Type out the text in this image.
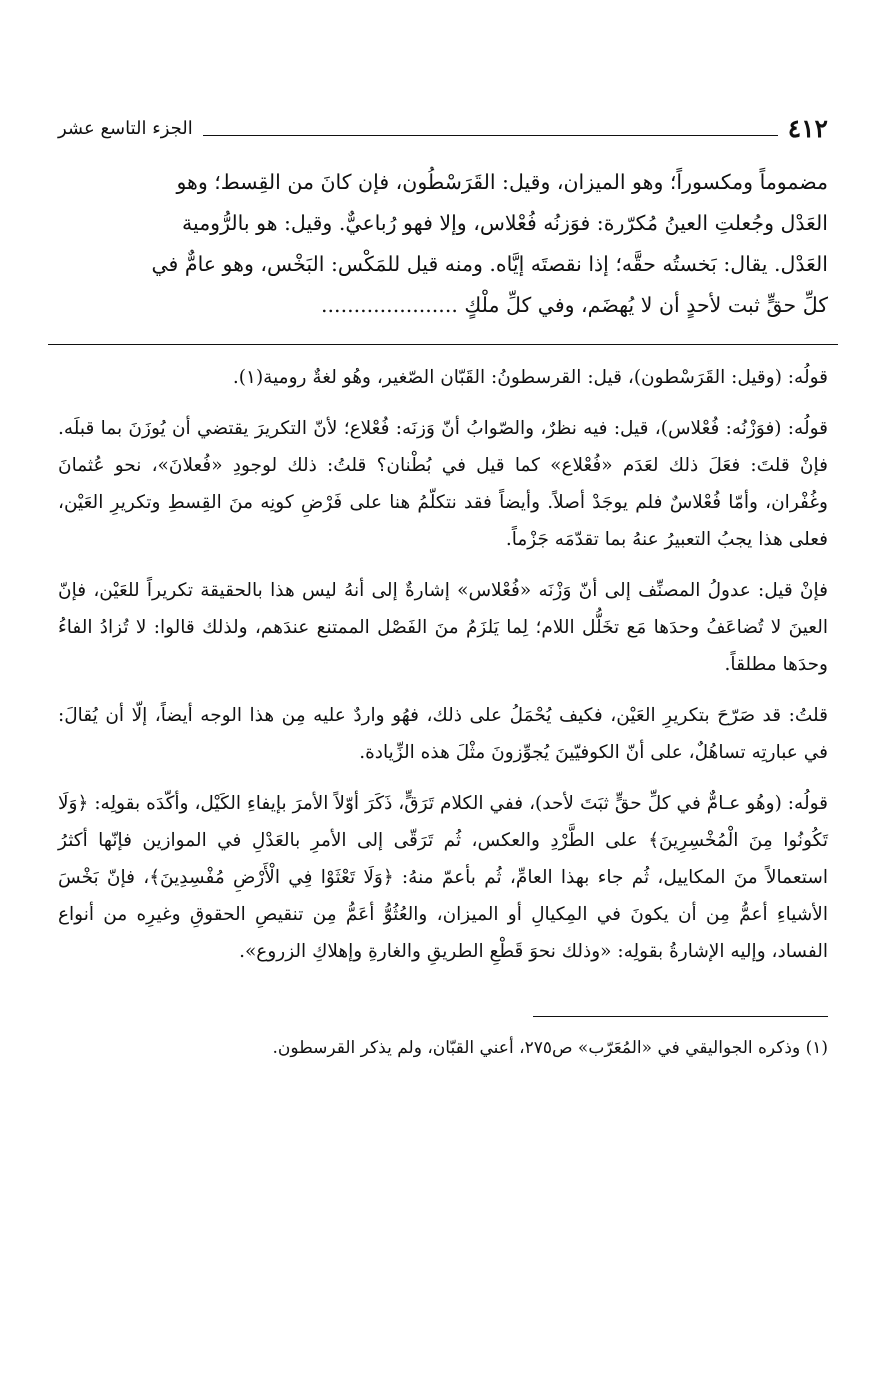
٤١٢
الجزء التاسع عشر

مضموماً ومكسوراً؛ وهو الميزان، وقيل: القَرَسْطُون، فإن كانَ من القِسط؛ وهو

العَدْل وجُعلتِ العينُ مُكرّرة: فوَزنُه فُعْلاس، وإلا فهو رُباعيٌّ. وقيل: هو بالرُّومية

العَدْل. يقال: بَخستُه حقَّه؛ إذا نقصتَه إيَّاه. ومنه قيل للمَكْس: البَخْس، وهو عامٌّ في

كلِّ حقٍّ ثبت لأحدٍ أن لا يُهضَم، وفي كلِّ ملْكٍ .....................

قولُه: (وقيل: القَرَسْطون)، قيل: القرسطونُ: القَبّان الصّغير، وهُو لغةٌ رومية(١).

قولُه: (فوَزْنُه: فُعْلاس)، قيل: فيه نظرٌ، والصّوابُ أنّ وَزنَه: فُعْلاع؛ لأنّ التكريرَ يقتضي أن يُوزَنَ بما قبلَه. فإنْ قلتَ: فعَلَ ذلك لعَدَم «فُعْلاع» كما قيل في بُطْنان؟ قلتُ: ذلك لوجودِ «فُعلانَ»، نحو عُثمانَ وغُفْران، وأمّا فُعْلاسٌ فلم يوجَدْ أصلاً. وأيضاً فقد نتكلّمُ هنا على فَرْضِ كونِه منَ القِسطِ وتكريرِ العَيْن، فعلى هذا يجبُ التعبيرُ عنهُ بما تقدّمَه جَزْماً.

فإنْ قيل: عدولُ المصنِّف إلى أنّ وَزْنَه «فُعْلاس» إشارةٌ إلى أنهُ ليس هذا بالحقيقة تكريراً للعَيْن، فإنّ العينَ لا تُضاعَفُ وحدَها مَع تخَلُّل اللام؛ لِما يَلزَمُ منَ الفَصْل الممتنع عندَهم، ولذلك قالوا: لا تُزادُ الفاءُ وحدَها مطلقاً.

قلتُ: قد صَرّحَ بتكريرِ العَيْن، فكيف يُحْمَلُ على ذلك، فهُو واردٌ عليه مِن هذا الوجه أيضاً، إلّا أن يُقالَ: في عبارتِه تساهُلٌ، على أنّ الكوفيّينَ يُجوِّزونَ مثْلَ هذه الزِّيادة.

قولُه: (وهُو عـامٌّ في كلِّ حقٍّ ثبَتَ لأحد)، ففي الكلام تَرَقٍّ، ذَكَرَ أوّلاً الأمرَ بإيفاءِ الكَيْل، وأكّدَه بقولِه: ﴿وَلَا تَكُونُوا مِنَ الْمُخْسِرِينَ﴾ على الطَّرْدِ والعكس، ثُم تَرَقّى إلى الأمرِ بالعَدْلِ في الموازين فإنّها أكثرُ استعمالاً منَ المكاييل، ثُم جاء بهذا العامِّ، ثُم بأعمّ منهُ: ﴿وَلَا تَعْثَوْا فِي الْأَرْضِ مُفْسِدِينَ﴾، فإنّ بَخْسَ الأشياءِ أعمُّ مِن أن يكونَ في المِكيالِ أو الميزان، والعُثُوُّ أعَمُّ مِن تنقيصِ الحقوقِ وغيرِه من أنواع الفساد، وإليه الإشارةُ بقولِه: «وذلك نحوَ قَطْعِ الطريقِ والغارةِ وإهلاكِ الزروع».

(١) وذكره الجواليقي في «المُعَرّب» ص٢٧٥، أعني القبّان، ولم يذكر القرسطون.
